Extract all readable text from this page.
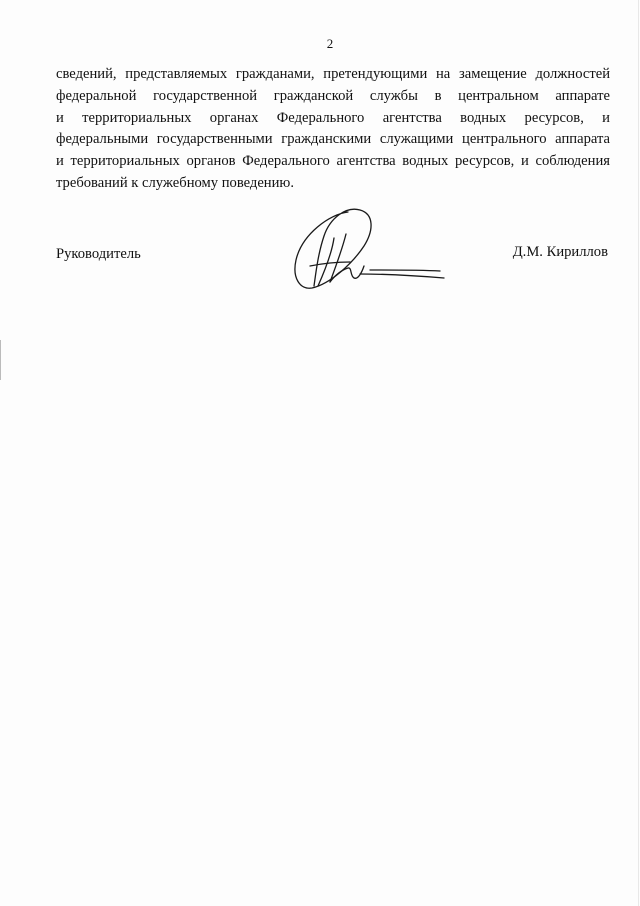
2
сведений, представляемых гражданами, претендующими на замещение должностей
федеральной государственной гражданской службы в центральном аппарате
и территориальных органах Федерального агентства водных ресурсов, и
федеральными государственными гражданскими служащими центрального аппарата
и территориальных органов Федерального агентства водных ресурсов, и соблюдения
требований к служебному поведению.
Руководитель	Д.М. Кириллов
